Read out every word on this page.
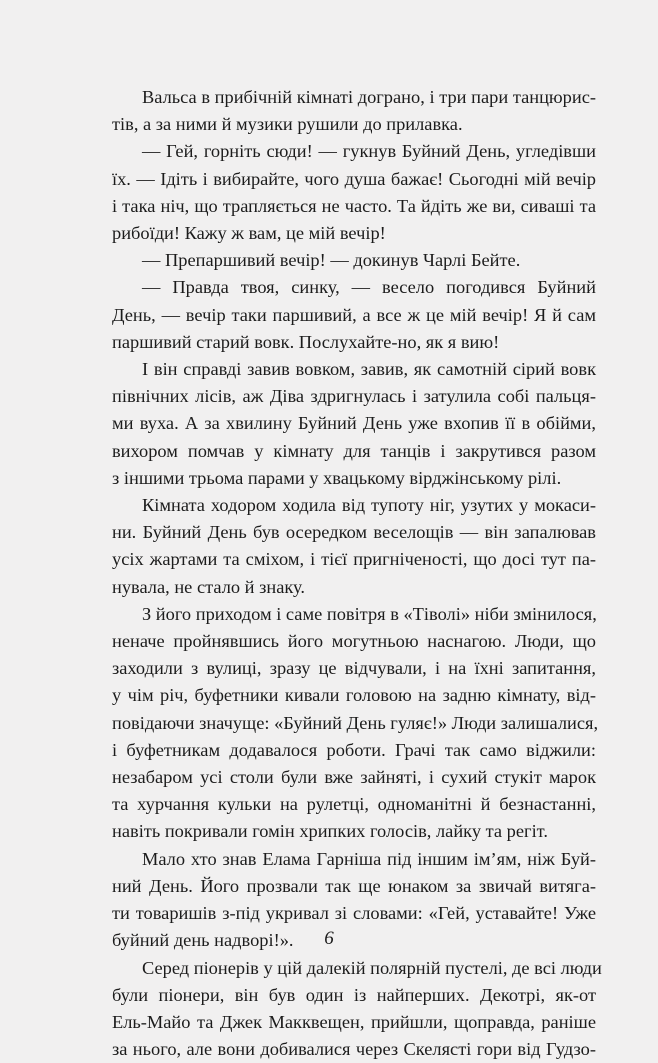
Вальса в прибічній кімнаті дограно, і три пари танцюрис-
тів, а за ними й музики рушили до прилавка.
— Гей, горніть сюди! — гукнув Буйний День, угледівши
їх. — Ідіть і вибирайте, чого душа бажає! Сьогодні мій вечір
і така ніч, що трапляється не часто. Та йдіть же ви, сиваші та
рибоїди! Кажу ж вам, це мій вечір!
— Препаршивий вечір! — докинув Чарлі Бейте.
— Правда твоя, синку, — весело погодився Буйний
День, — вечір таки паршивий, а все ж це мій вечір! Я й сам
паршивий старий вовк. Послухайте-но, як я вию!
І він справді завив вовком, завив, як самотній сірий вовк
північних лісів, аж Діва здригнулась і затулила собі пальця-
ми вуха. А за хвилину Буйний День уже вхопив її в обійми,
вихором помчав у кімнату для танців і закрутився разом
з іншими трьома парами у хвацькому вірджінському рілі.
Кімната ходором ходила від тупоту ніг, узутих у мокаси-
ни. Буйний День був осередком веселощів — він запалював
усіх жартами та сміхом, і тієї пригніченості, що досі тут па-
нувала, не стало й знаку.
З його приходом і саме повітря в «Тіволі» ніби змінилося,
неначе пройнявшись його могутньою наснагою. Люди, що
заходили з вулиці, зразу це відчували, і на їхні запитання,
у чім річ, буфетники кивали головою на задню кімнату, від-
повідаючи значуще: «Буйний День гуляє!» Люди залишалися,
і буфетникам додавалося роботи. Грачі так само віджили:
незабаром усі столи були вже зайняті, і сухий стукіт марок
та хурчання кульки на рулетці, одноманітні й безнастанні,
навіть покривали гомін хрипких голосів, лайку та регіт.
Мало хто знав Елама Гарніша під іншим ім’ям, ніж Буй-
ний День. Його прозвали так ще юнаком за звичай витяга-
ти товаришів з-під укривал зі словами: «Гей, уставайте! Уже
буйний день надворі!».
Серед піонерів у цій далекій полярній пустелі, де всі люди
були піонери, він був один із найперших. Декотрі, як-от
Ель-Майо та Джек Макквещен, прийшли, щоправда, раніше
за нього, але вони добивалися через Скелясті гори від Гудзо-
6
